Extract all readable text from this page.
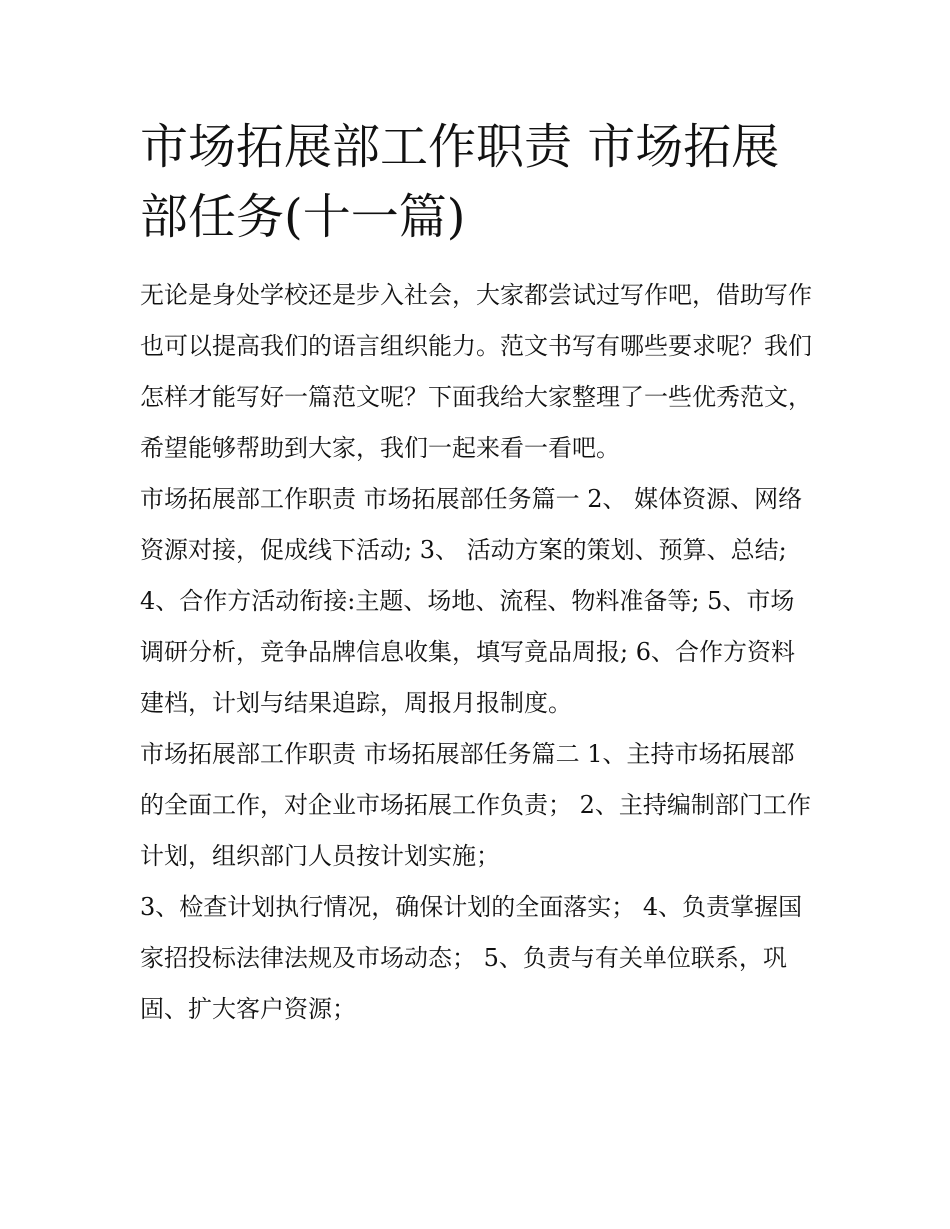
市场拓展部工作职责 市场拓展部任务(十一篇)

无论是身处学校还是步入社会，大家都尝试过写作吧，借助写作也可以提高我们的语言组织能力。范文书写有哪些要求呢？我们怎样才能写好一篇范文呢？下面我给大家整理了一些优秀范文，希望能够帮助到大家，我们一起来看一看吧。

市场拓展部工作职责 市场拓展部任务篇一 2、 媒体资源、网络资源对接，促成线下活动; 3、 活动方案的策划、预算、总结;

4、合作方活动衔接:主题、场地、流程、物料准备等; 5、市场调研分析，竞争品牌信息收集，填写竟品周报; 6、合作方资料建档，计划与结果追踪，周报月报制度。

市场拓展部工作职责 市场拓展部任务篇二 1、主持市场拓展部的全面工作，对企业市场拓展工作负责； 2、主持编制部门工作计划，组织部门人员按计划实施；

3、检查计划执行情况，确保计划的全面落实； 4、负责掌握国家招投标法律法规及市场动态； 5、负责与有关单位联系，巩固、扩大客户资源；
